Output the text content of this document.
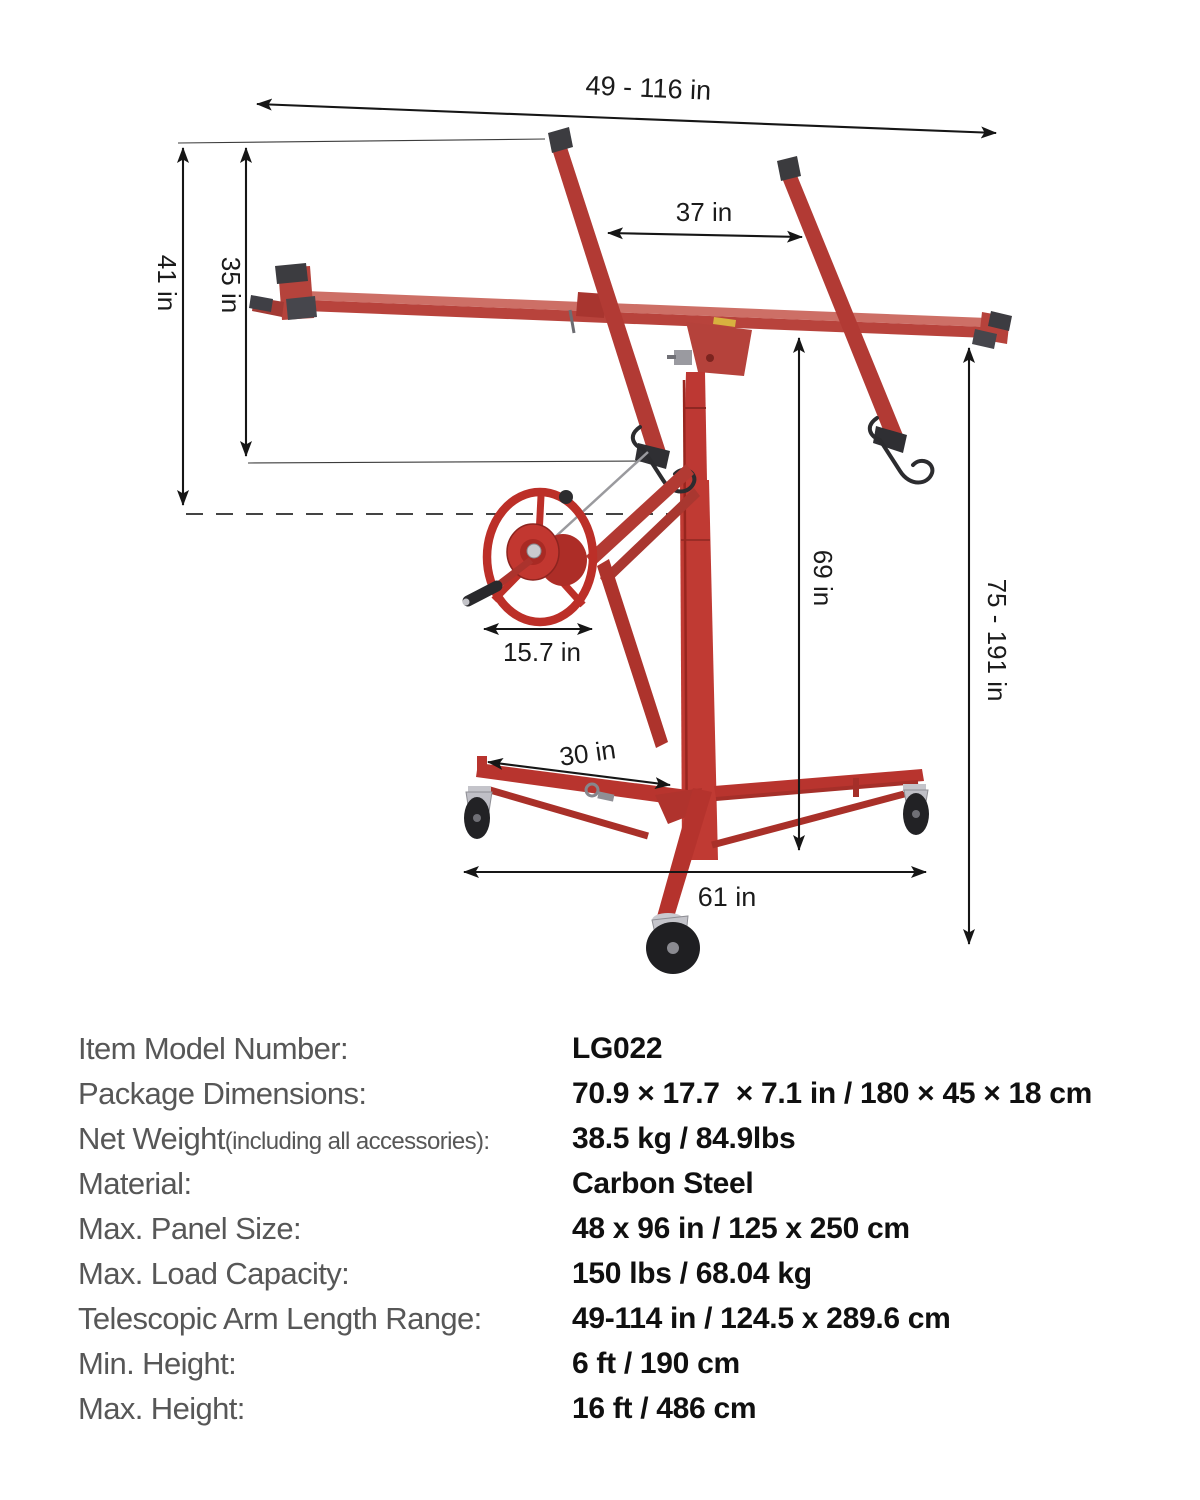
49 - 116 in
37 in
41 in 35 in
69 in
75 - 191 in
15.7 in
30 in
61 in
Item Model Number:	LG022
Package Dimensions:	70.9 × 17.7  × 7.1 in / 180 × 45 × 18 cm
Net Weight(including all accessories):	38.5 kg / 84.9lbs
Material:	Carbon Steel
Max. Panel Size:	48 x 96 in / 125 x 250 cm
Max. Load Capacity:	150 lbs / 68.04 kg
Telescopic Arm Length Range:	49-114 in / 124.5 x 289.6 cm
Min. Height:	6 ft / 190 cm
Max. Height:	16 ft / 486 cm
